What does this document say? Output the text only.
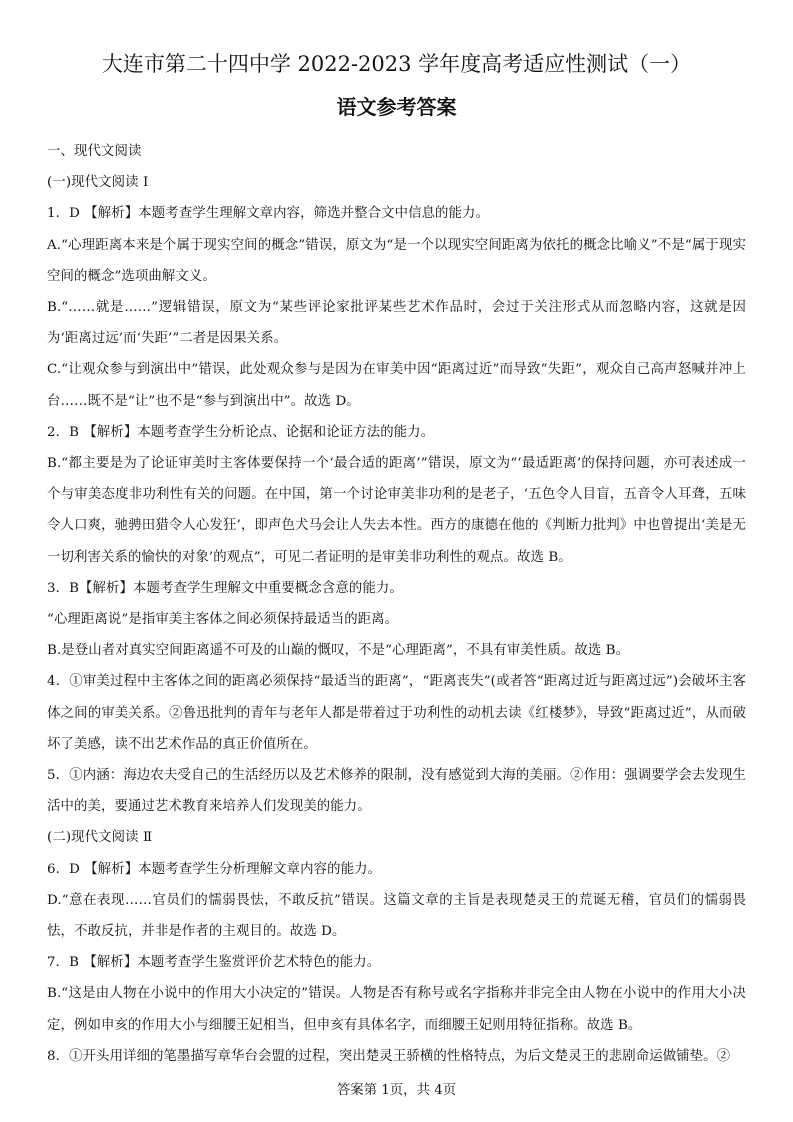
大连市第二十四中学 2022-2023 学年度高考适应性测试（一）
语文参考答案

一、现代文阅读

(一)现代文阅读 I

1．D 【解析】本题考查学生理解文章内容，筛选并整合文中信息的能力。

A.“心理距离本来是个属于现实空间的概念”错误，原文为“是一个以现实空间距离为依托的概念比喻义”不是“属于现实空间的概念”选项曲解文义。

B.“……就是……”逻辑错误，原文为“某些评论家批评某些艺术作品时，会过于关注形式从而忽略内容，这就是因为‘距离过远’而‘失距’”二者是因果关系。

C.“让观众参与到演出中”错误，此处观众参与是因为在审美中因“距离过近”而导致“失距”，观众自己高声怒喊并冲上台……既不是“让”也不是“参与到演出中”。故选 D。

2．B 【解析】本题考查学生分析论点、论据和论证方法的能力。

B.“都主要是为了论证审美时主客体要保持一个‘最合适的距离’”错误，原文为“‘最适距离’的保持问题，亦可表述成一个与审美态度非功利性有关的问题。在中国，第一个讨论审美非功利的是老子，‘五色令人目盲，五音令人耳聋，五味令人口爽，驰骋田猎令人心发狂’，即声色犬马会让人失去本性。西方的康德在他的《判断力批判》中也曾提出‘美是无一切利害关系的愉快的对象’的观点”，可见二者证明的是审美非功利性的观点。故选 B。

3．B【解析】本题考查学生理解文中重要概念含意的能力。

“心理距离说”是指审美主客体之间必须保持最适当的距离。

B.是登山者对真实空间距离遥不可及的山巅的慨叹，不是“心理距离”，不具有审美性质。故选 B。

4．①审美过程中主客体之间的距离必须保持“最适当的距离”，“距离丧失”(或者答“距离过近与距离过远”)会破坏主客体之间的审美关系。②鲁迅批判的青年与老年人都是带着过于功利性的动机去读《红楼梦》，导致“距离过近”，从而破坏了美感，读不出艺术作品的真正价值所在。

5．①内涵：海边农夫受自己的生活经历以及艺术修养的限制，没有感觉到大海的美丽。②作用：强调要学会去发现生活中的美，要通过艺术教育来培养人们发现美的能力。

(二)现代文阅读 Ⅱ

6．D 【解析】本题考查学生分析理解文章内容的能力。

D.“意在表现……官员们的懦弱畏怯，不敢反抗”错误。这篇文章的主旨是表现楚灵王的荒诞无稽，官员们的懦弱畏怯，不敢反抗，并非是作者的主观目的。故选 D。

7．B 【解析】本题考查学生鉴赏评价艺术特色的能力。

B.“这是由人物在小说中的作用大小决定的”错误。人物是否有称号或名字指称并非完全由人物在小说中的作用大小决定，例如申亥的作用大小与细腰王妃相当，但申亥有具体名字，而细腰王妃则用特征指称。故选 B。

8．①开头用详细的笔墨描写章华台会盟的过程，突出楚灵王骄横的性格特点，为后文楚灵王的悲剧命运做铺垫。②

答案第 1页，共 4页
